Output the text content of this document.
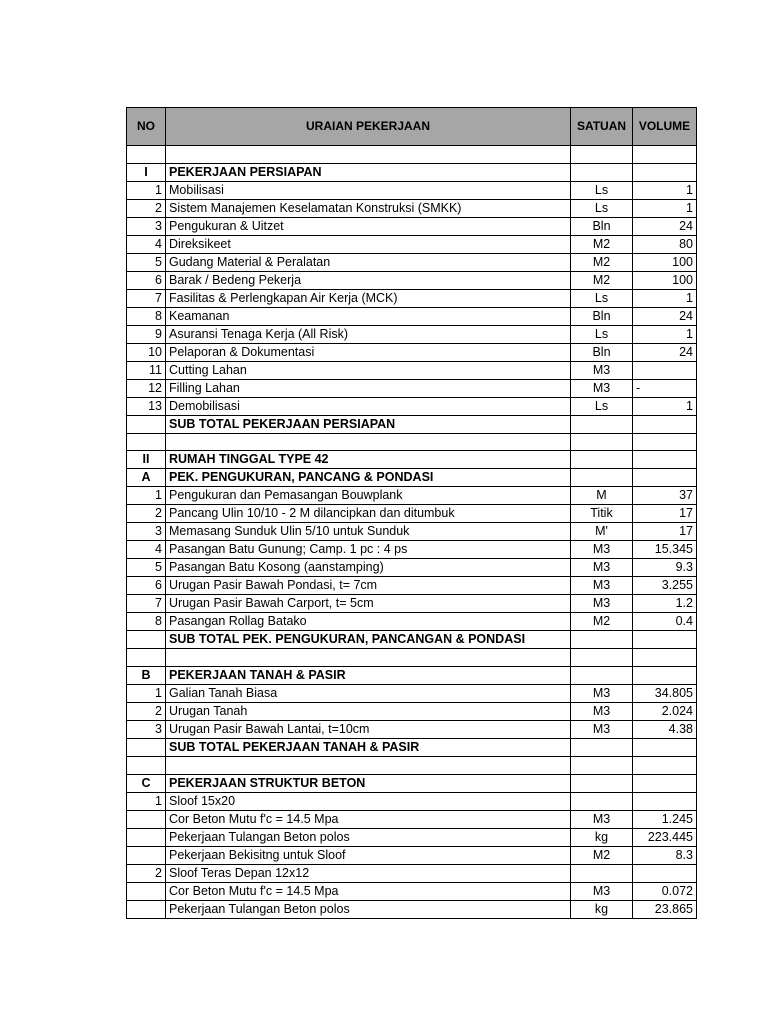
NO	URAIAN PEKERJAAN	SATUAN	VOLUME

I	PEKERJAAN PERSIAPAN		
1	Mobilisasi	Ls	1
2	Sistem Manajemen Keselamatan Konstruksi (SMKK)	Ls	1
3	Pengukuran & Uitzet	Bln	24
4	Direksikeet	M2	80
5	Gudang Material & Peralatan	M2	100
6	Barak / Bedeng Pekerja	M2	100
7	Fasilitas & Perlengkapan Air Kerja (MCK)	Ls	1
8	Keamanan	Bln	24
9	Asuransi Tenaga Kerja (All Risk)	Ls	1
10	Pelaporan & Dokumentasi	Bln	24
11	Cutting Lahan	M3	
12	Filling Lahan	M3	-
13	Demobilisasi	Ls	1
	SUB TOTAL PEKERJAAN PERSIAPAN		

II	RUMAH TINGGAL TYPE 42		
A	PEK. PENGUKURAN, PANCANG & PONDASI		
1	Pengukuran dan Pemasangan Bouwplank	M	37
2	Pancang Ulin 10/10 - 2 M dilancipkan dan ditumbuk	Titik	17
3	Memasang Sunduk Ulin 5/10 untuk Sunduk	M'	17
4	Pasangan Batu Gunung; Camp. 1 pc : 4 ps	M3	15.345
5	Pasangan Batu Kosong (aanstamping)	M3	9.3
6	Urugan Pasir Bawah Pondasi, t= 7cm	M3	3.255
7	Urugan Pasir Bawah Carport, t= 5cm	M3	1.2
8	Pasangan Rollag Batako	M2	0.4
	SUB TOTAL PEK. PENGUKURAN, PANCANGAN & PONDASI		

B	PEKERJAAN TANAH & PASIR		
1	Galian Tanah Biasa	M3	34.805
2	Urugan Tanah	M3	2.024
3	Urugan Pasir Bawah Lantai, t=10cm	M3	4.38
	SUB TOTAL PEKERJAAN TANAH & PASIR		

C	PEKERJAAN STRUKTUR BETON		
1	Sloof 15x20		
	Cor Beton Mutu f'c = 14.5 Mpa	M3	1.245
	Pekerjaan Tulangan Beton polos	kg	223.445
	Pekerjaan Bekisitng untuk Sloof	M2	8.3
2	Sloof Teras Depan 12x12		
	Cor Beton Mutu f'c = 14.5 Mpa	M3	0.072
	Pekerjaan Tulangan Beton polos	kg	23.865
